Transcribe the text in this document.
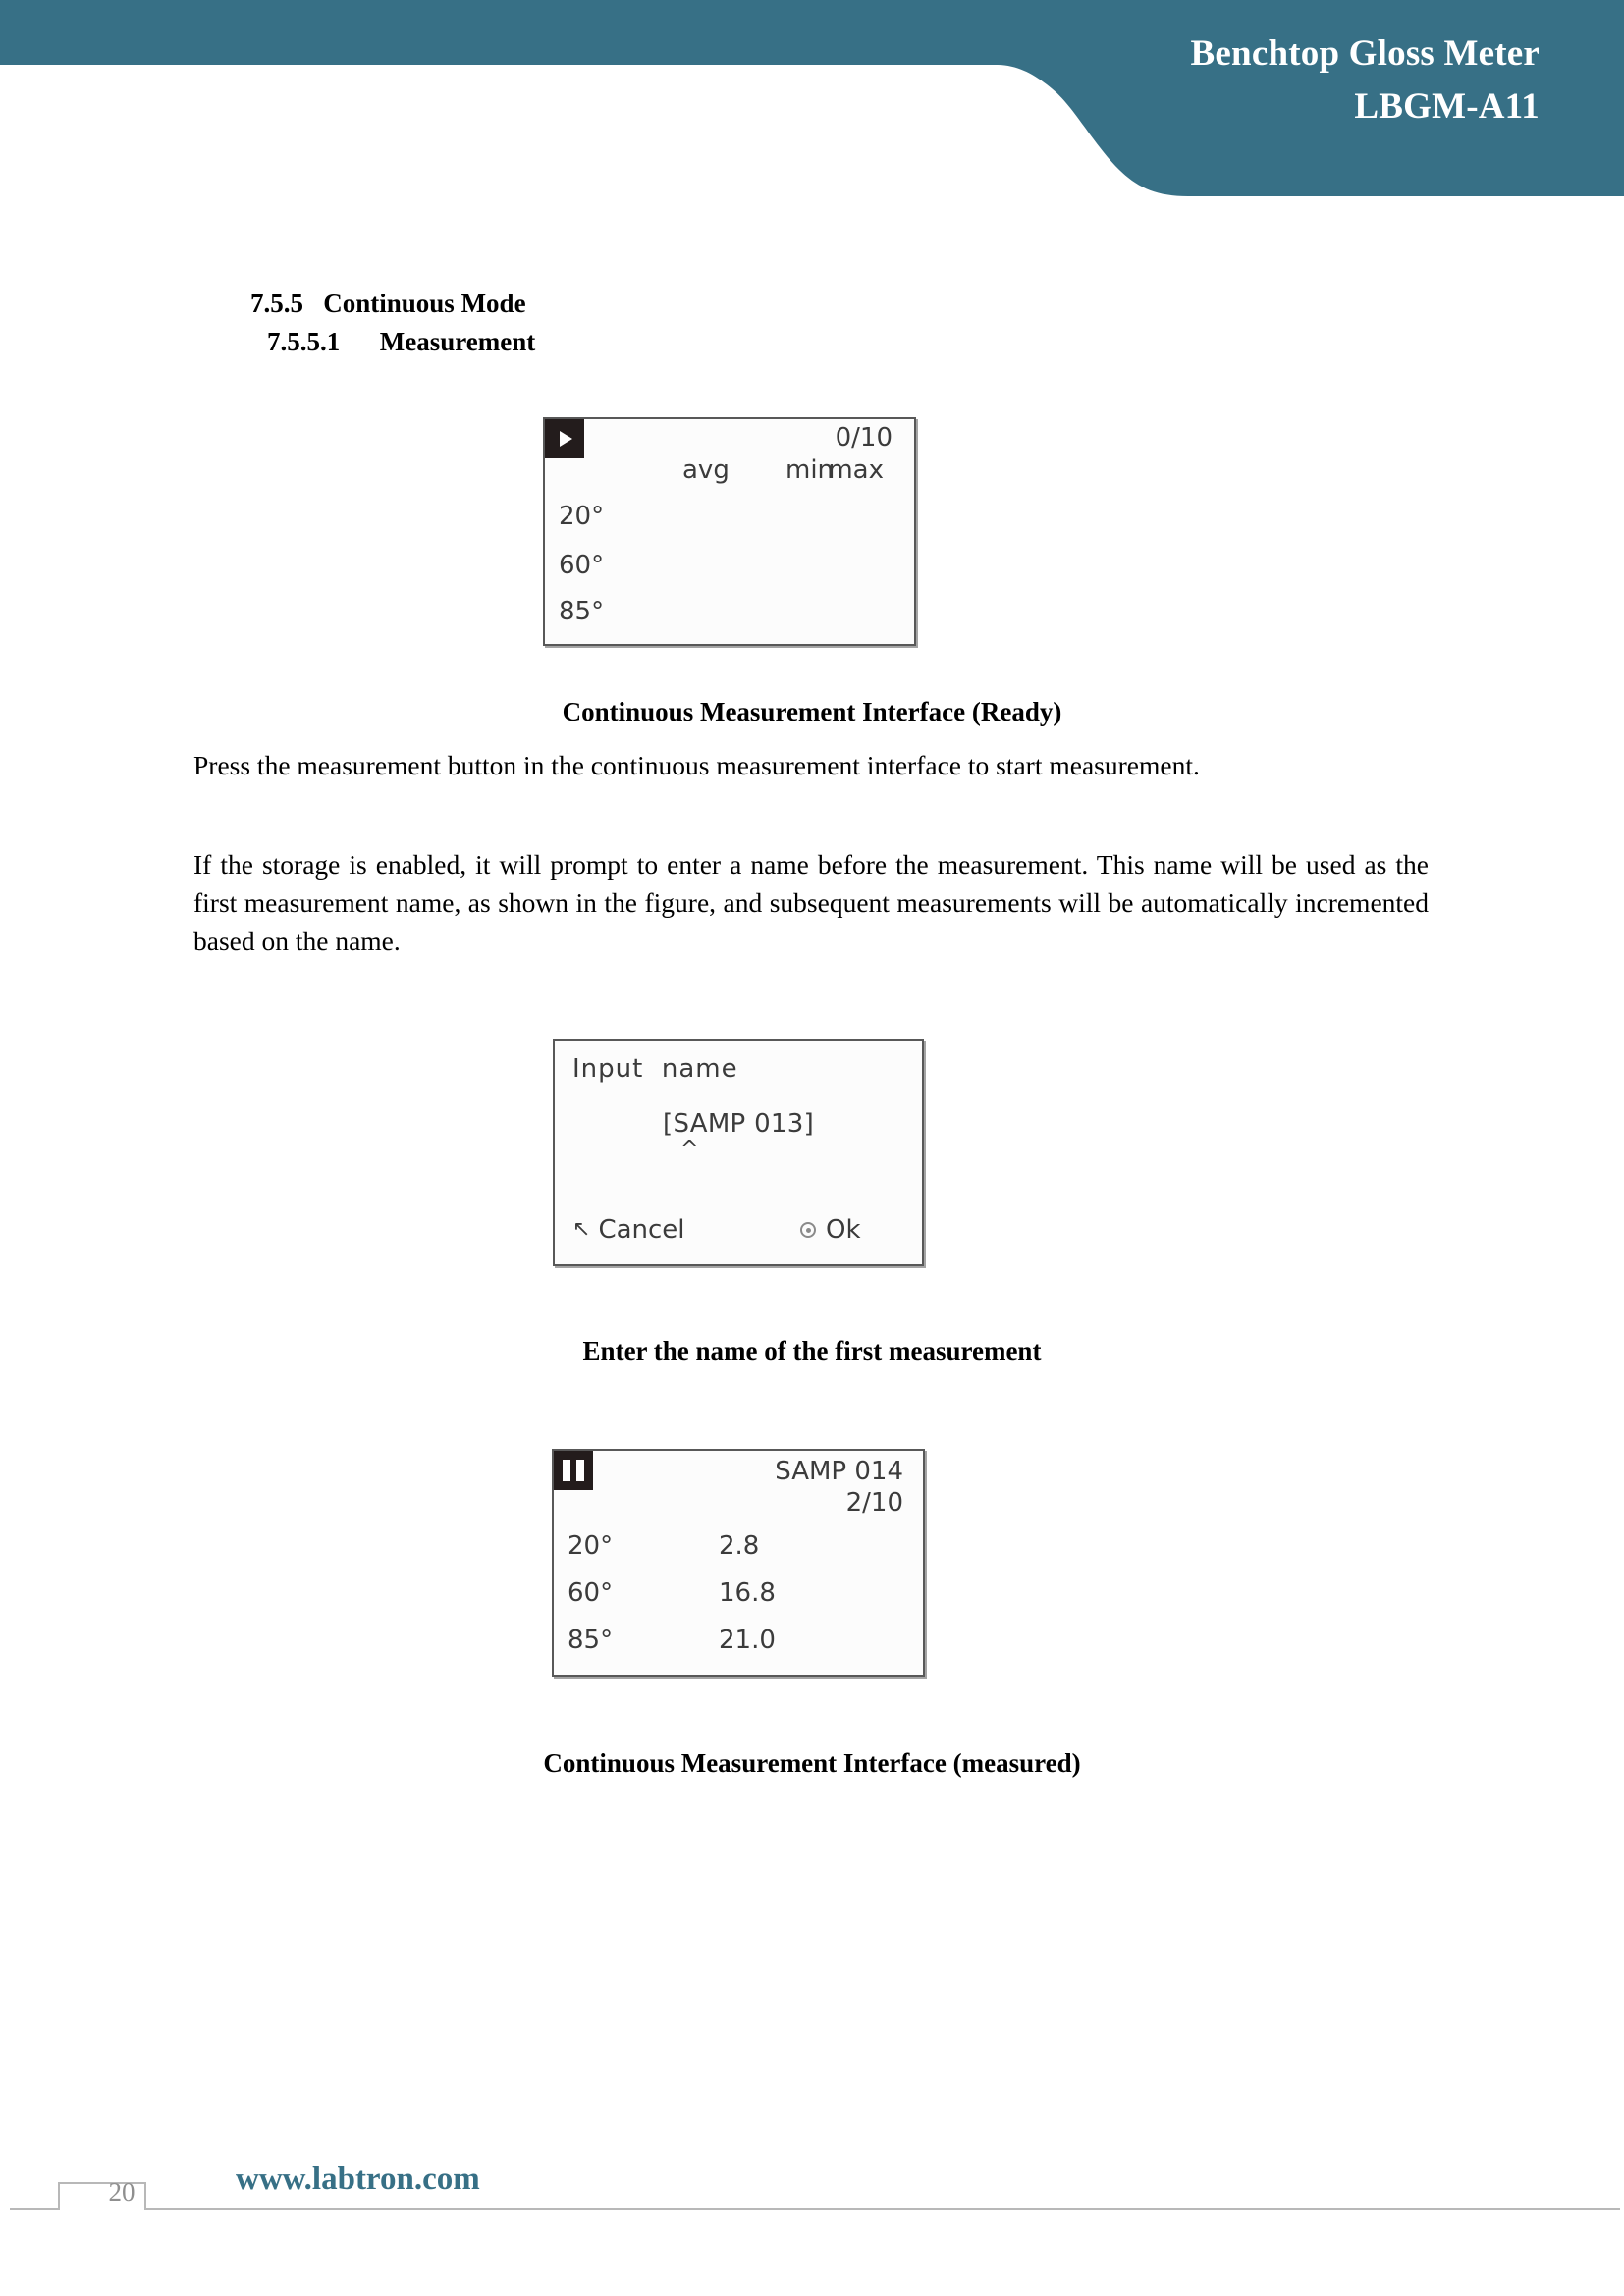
Benchtop Gloss Meter
LBGM-A11
7.5.5   Continuous Mode
7.5.5.1      Measurement
0/10
avg min
max
20°
60°
85°
Continuous Measurement Interface (Ready)
Press the measurement button in the continuous measurement interface to start measurement.
If the storage is enabled, it will prompt to enter a name before the measurement. This name will be used as the first measurement name, as shown in the figure, and subsequent measurements will be automatically incremented based on the name.
Input  name
[SAMP 013]
^
↖ Cancel	Ok
Enter the name of the first measurement
SAMP 014
2/10
20°
60°
85°
2.8
16.8
21.0
Continuous Measurement Interface (measured)
20	www.labtron.com
